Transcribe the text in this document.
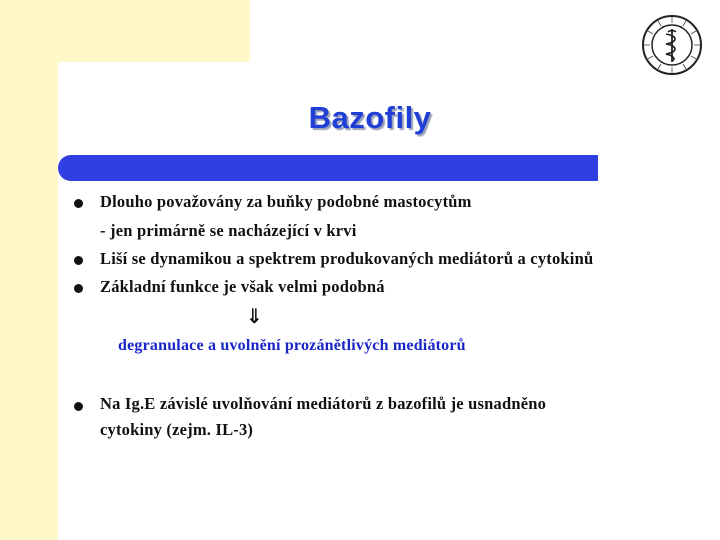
Bazofily
Dlouho považovány za buňky podobné mastocytům
- jen primárně se nacházející v krvi
Liší se dynamikou a spektrem produkovaných mediátorů a cytokinů
Základní funkce je však velmi podobná
⇓
degranulace a uvolnění prozánětlivých mediátorů
Na Ig.E závislé uvolňování mediátorů z bazofilů je usnadněno
cytokiny (zejm. IL-3)
